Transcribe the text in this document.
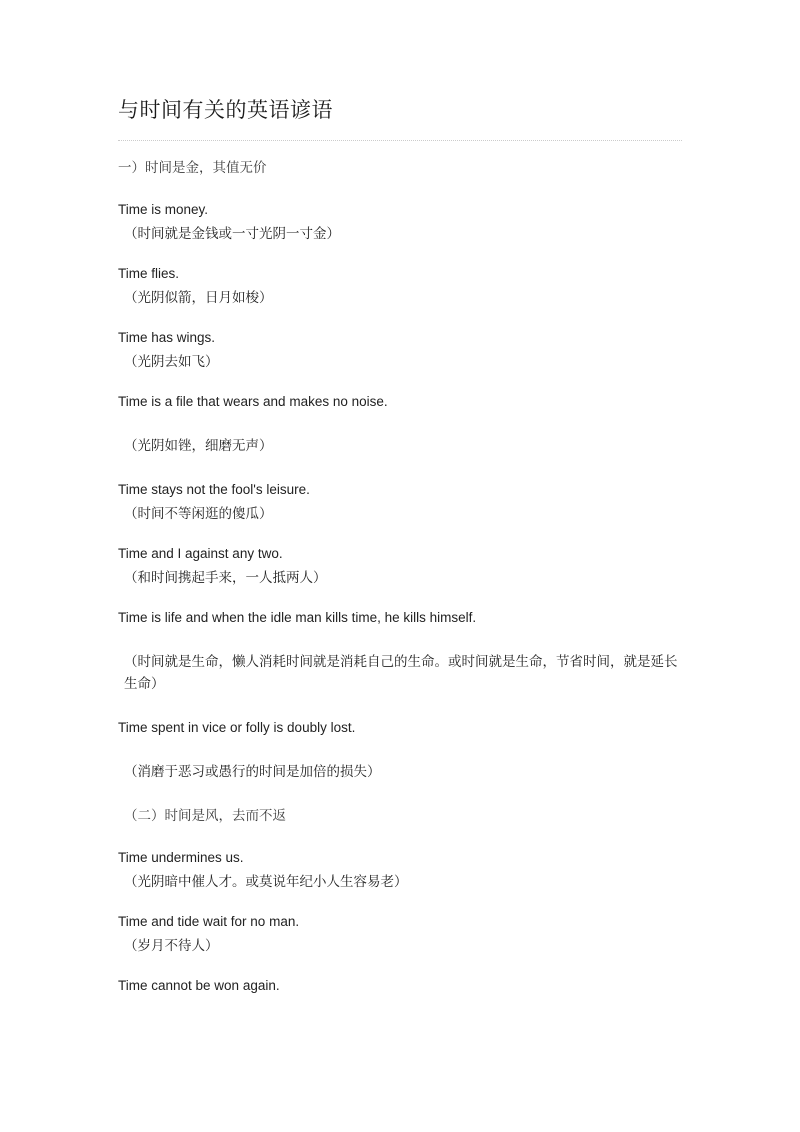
与时间有关的英语谚语

一）时间是金，其值无价

Time is money.

（时间就是金钱或一寸光阴一寸金）

Time flies.

（光阴似箭，日月如梭）

Time has wings.

（光阴去如飞）

Time is a file that wears and makes no noise.

（光阴如锉，细磨无声）

Time stays not the fool's leisure.

（时间不等闲逛的傻瓜）

Time and I against any two.

（和时间携起手来，一人抵两人）

Time is life and when the idle man kills time, he kills himself.

（时间就是生命，懒人消耗时间就是消耗自己的生命。或时间就是生命，节省时间，就是延长生命）

Time spent in vice or folly is doubly lost.

（消磨于恶习或愚行的时间是加倍的损失）

（二）时间是风，去而不返

Time undermines us.

（光阴暗中催人才。或莫说年纪小人生容易老）

Time and tide wait for no man.

（岁月不待人）

Time cannot be won again.
